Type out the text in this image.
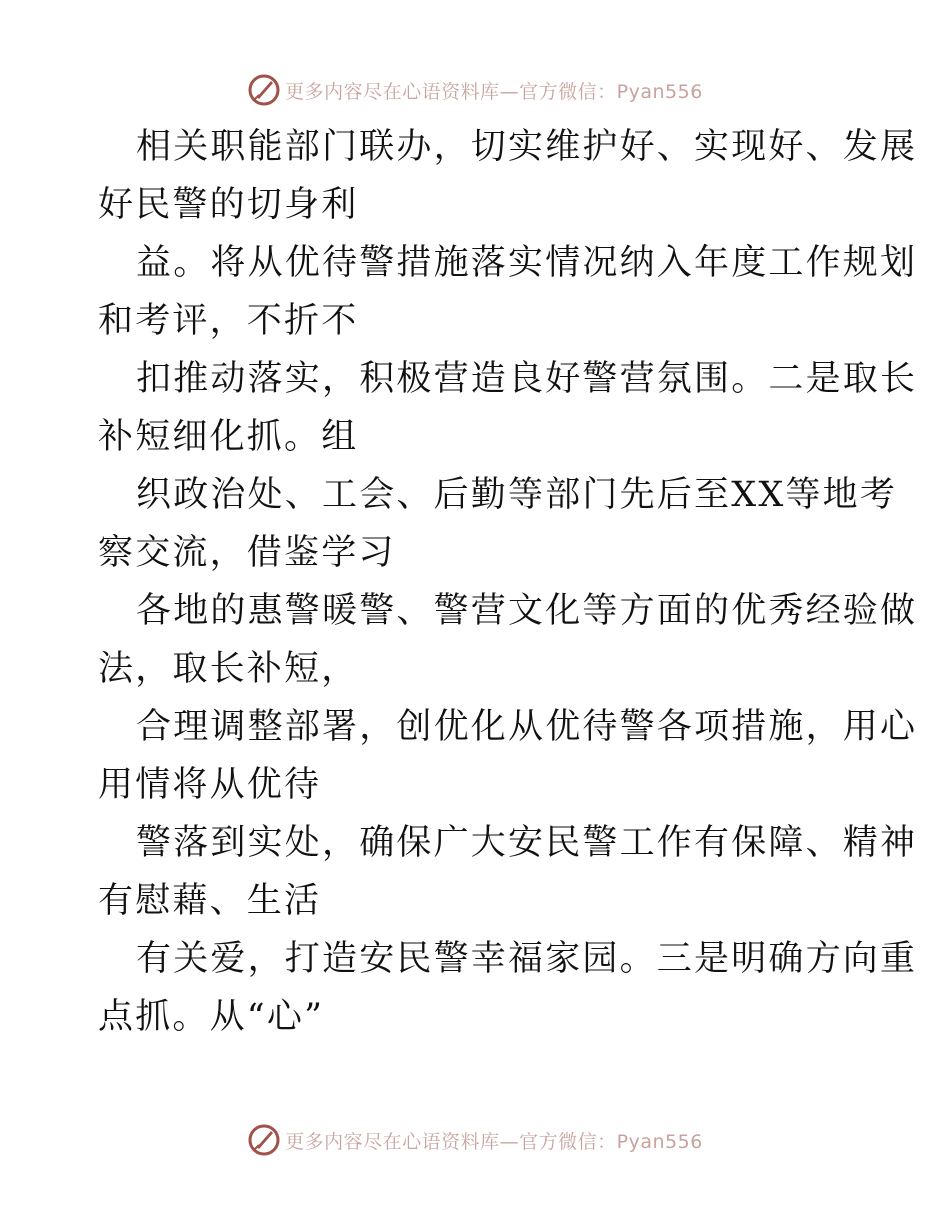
更多内容尽在心语资料库—官方微信：Pyan556
相关职能部门联办，切实维护好、实现好、发展
好民警的切身利
益。将从优待警措施落实情况纳入年度工作规划
和考评，不折不
扣推动落实，积极营造良好警营氛围。二是取长
补短细化抓。组
织政治处、工会、后勤等部门先后至XX等地考
察交流，借鉴学习
各地的惠警暖警、警营文化等方面的优秀经验做
法，取长补短，
合理调整部署，创优化从优待警各项措施，用心
用情将从优待
警落到实处，确保广大安民警工作有保障、精神
有慰藉、生活
有关爱，打造安民警幸福家园。三是明确方向重
点抓。从“心”
更多内容尽在心语资料库—官方微信：Pyan556
